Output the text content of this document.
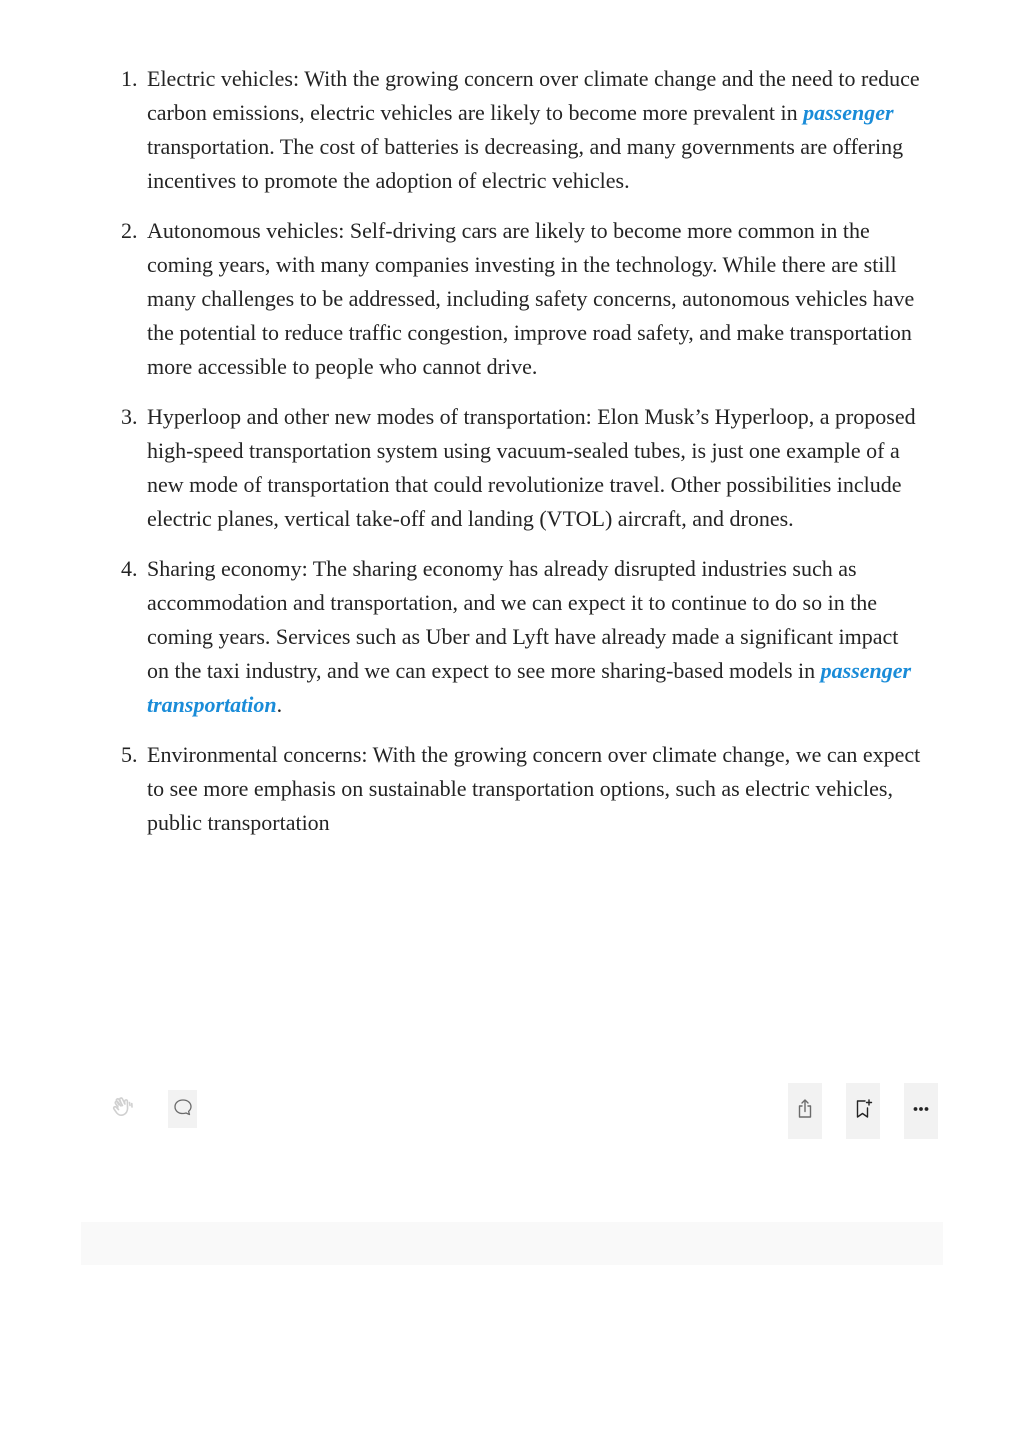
1. Electric vehicles: With the growing concern over climate change and the need to reduce carbon emissions, electric vehicles are likely to become more prevalent in passenger transportation. The cost of batteries is decreasing, and many governments are offering incentives to promote the adoption of electric vehicles.
2. Autonomous vehicles: Self-driving cars are likely to become more common in the coming years, with many companies investing in the technology. While there are still many challenges to be addressed, including safety concerns, autonomous vehicles have the potential to reduce traffic congestion, improve road safety, and make transportation more accessible to people who cannot drive.
3. Hyperloop and other new modes of transportation: Elon Musk’s Hyperloop, a proposed high-speed transportation system using vacuum-sealed tubes, is just one example of a new mode of transportation that could revolutionize travel. Other possibilities include electric planes, vertical take-off and landing (VTOL) aircraft, and drones.
4. Sharing economy: The sharing economy has already disrupted industries such as accommodation and transportation, and we can expect it to continue to do so in the coming years. Services such as Uber and Lyft have already made a significant impact on the taxi industry, and we can expect to see more sharing-based models in passenger transportation.
5. Environmental concerns: With the growing concern over climate change, we can expect to see more emphasis on sustainable transportation options, such as electric vehicles, public transportation
